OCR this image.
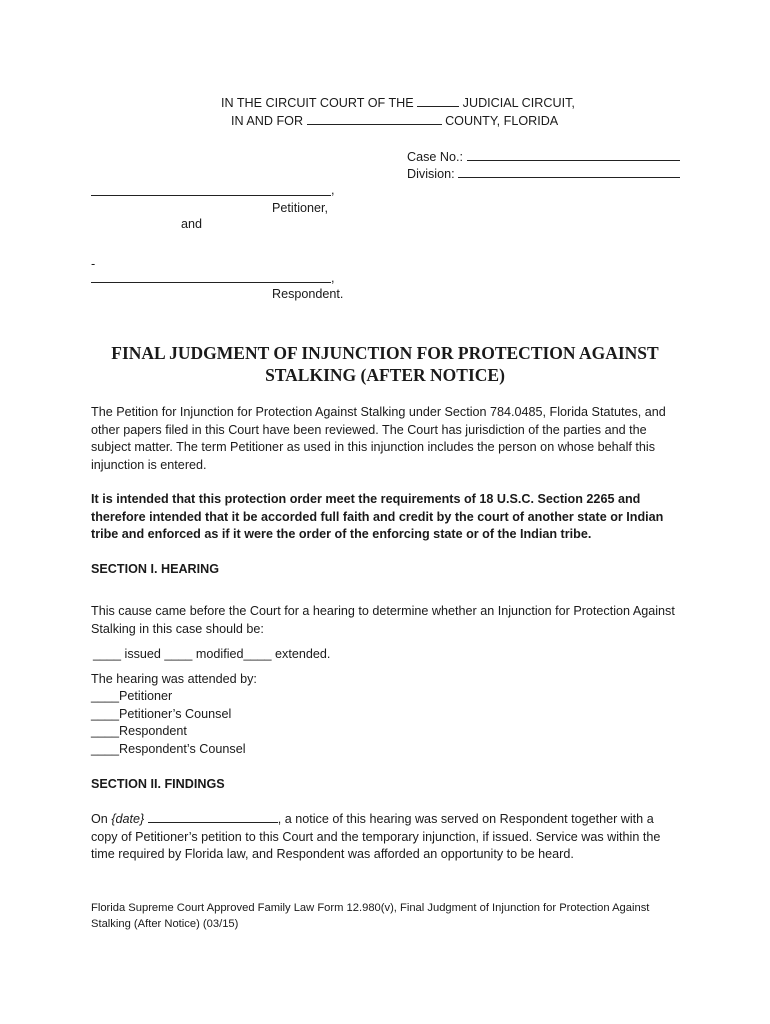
IN THE CIRCUIT COURT OF THE	JUDICIAL CIRCUIT,
IN AND FOR	COUNTY, FLORIDA
Case No.:
Division:
,
Petitioner,
and
-
,
Respondent.
FINAL JUDGMENT OF INJUNCTION FOR PROTECTION AGAINST
STALKING (AFTER NOTICE)
The Petition for Injunction for Protection Against Stalking under Section 784.0485, Florida Statutes, and other papers filed in this Court have been reviewed. The Court has jurisdiction of the parties and the subject matter. The term Petitioner as used in this injunction includes the person on whose behalf this injunction is entered.
It is intended that this protection order meet the requirements of 18 U.S.C. Section 2265 and therefore intended that it be accorded full faith and credit by the court of another state or Indian tribe and enforced as if it were the order of the enforcing state or of the Indian tribe.
SECTION I. HEARING
This cause came before the Court for a hearing to determine whether an Injunction for Protection Against Stalking in this case should be:
____ issued ____ modified____ extended.
The hearing was attended by:
____Petitioner
____Petitioner’s Counsel
____Respondent
____Respondent’s Counsel
SECTION II. FINDINGS
On {date}	, a notice of this hearing was served on Respondent together with a copy of Petitioner’s petition to this Court and the temporary injunction, if issued. Service was within the time required by Florida law, and Respondent was afforded an opportunity to be heard.
Florida Supreme Court Approved Family Law Form 12.980(v), Final Judgment of Injunction for Protection Against Stalking (After Notice) (03/15)
